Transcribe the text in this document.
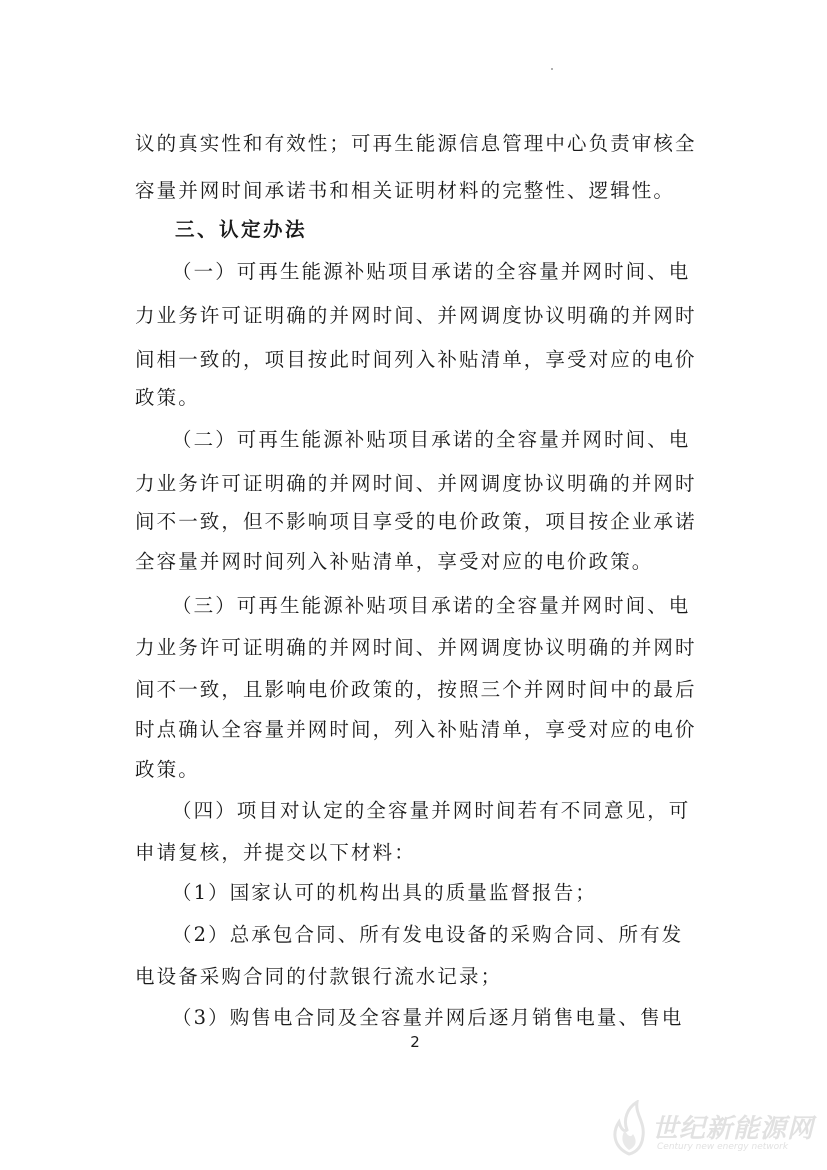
议的真实性和有效性；可再生能源信息管理中心负责审核全
容量并网时间承诺书和相关证明材料的完整性、逻辑性。
三、认定办法
（一）可再生能源补贴项目承诺的全容量并网时间、电
力业务许可证明确的并网时间、并网调度协议明确的并网时
间相一致的，项目按此时间列入补贴清单，享受对应的电价
政策。
（二）可再生能源补贴项目承诺的全容量并网时间、电
力业务许可证明确的并网时间、并网调度协议明确的并网时
间不一致，但不影响项目享受的电价政策，项目按企业承诺
全容量并网时间列入补贴清单，享受对应的电价政策。
（三）可再生能源补贴项目承诺的全容量并网时间、电
力业务许可证明确的并网时间、并网调度协议明确的并网时
间不一致，且影响电价政策的，按照三个并网时间中的最后
时点确认全容量并网时间，列入补贴清单，享受对应的电价
政策。
（四）项目对认定的全容量并网时间若有不同意见，可
申请复核，并提交以下材料：
（1）国家认可的机构出具的质量监督报告；
（2）总承包合同、所有发电设备的采购合同、所有发
电设备采购合同的付款银行流水记录；
（3）购售电合同及全容量并网后逐月销售电量、售电
2
世纪新能源网
Century new energy network
